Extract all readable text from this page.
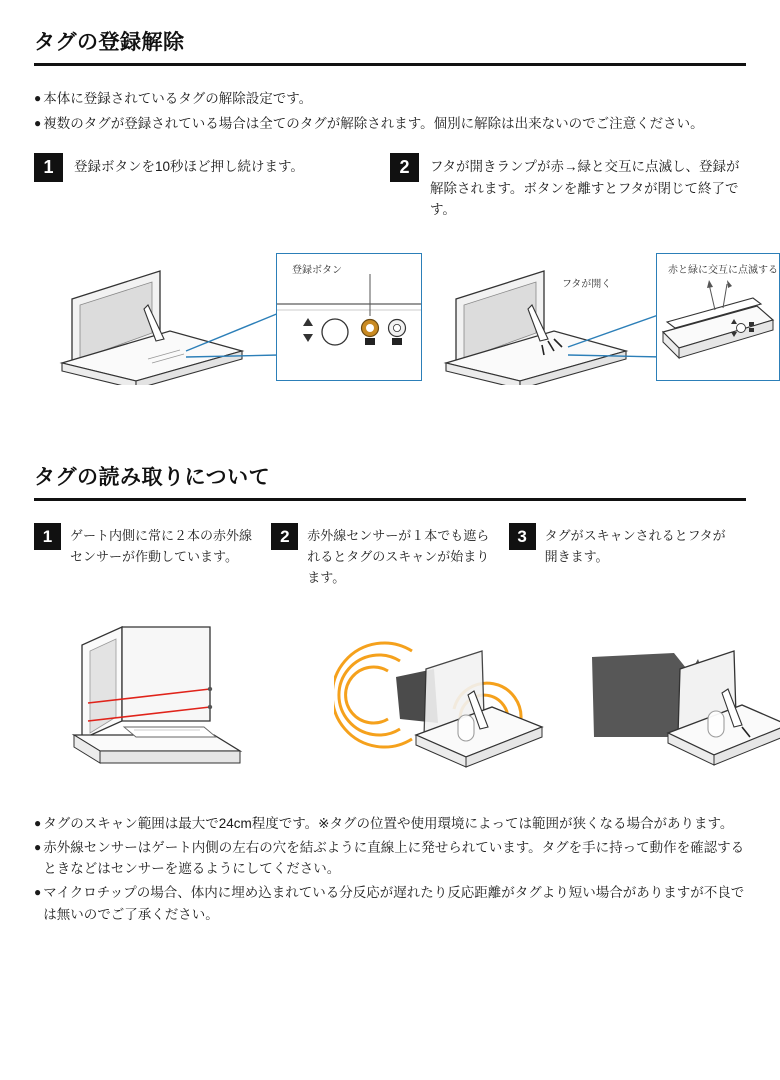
タグの登録解除
● 本体に登録されているタグの解除設定です。
● 複数のタグが登録されている場合は全てのタグが解除されます。個別に解除は出来ないのでご注意ください。
1	登録ボタンを10秒ほど押し続けます。	2	フタが開きランプが赤→緑と交互に点滅し、登録が解除されます。ボタンを離すとフタが閉じて終了です。
登録ボタン
フタが開く
赤と緑に交互に点滅する
タグの読み取りについて
1	ゲート内側に常に２本の赤外線センサーが作動しています。
2	赤外線センサーが１本でも遮られるとタグのスキャンが始まります。
3	タグがスキャンされるとフタが開きます。
● タグのスキャン範囲は最大で24cm程度です。※タグの位置や使用環境によっては範囲が狭くなる場合があります。
● 赤外線センサーはゲート内側の左右の穴を結ぶように直線上に発せられています。タグを手に持って動作を確認するときなどはセンサーを遮るようにしてください。
● マイクロチップの場合、体内に埋め込まれている分反応が遅れたり反応距離がタグより短い場合がありますが不良では無いのでご了承ください。
